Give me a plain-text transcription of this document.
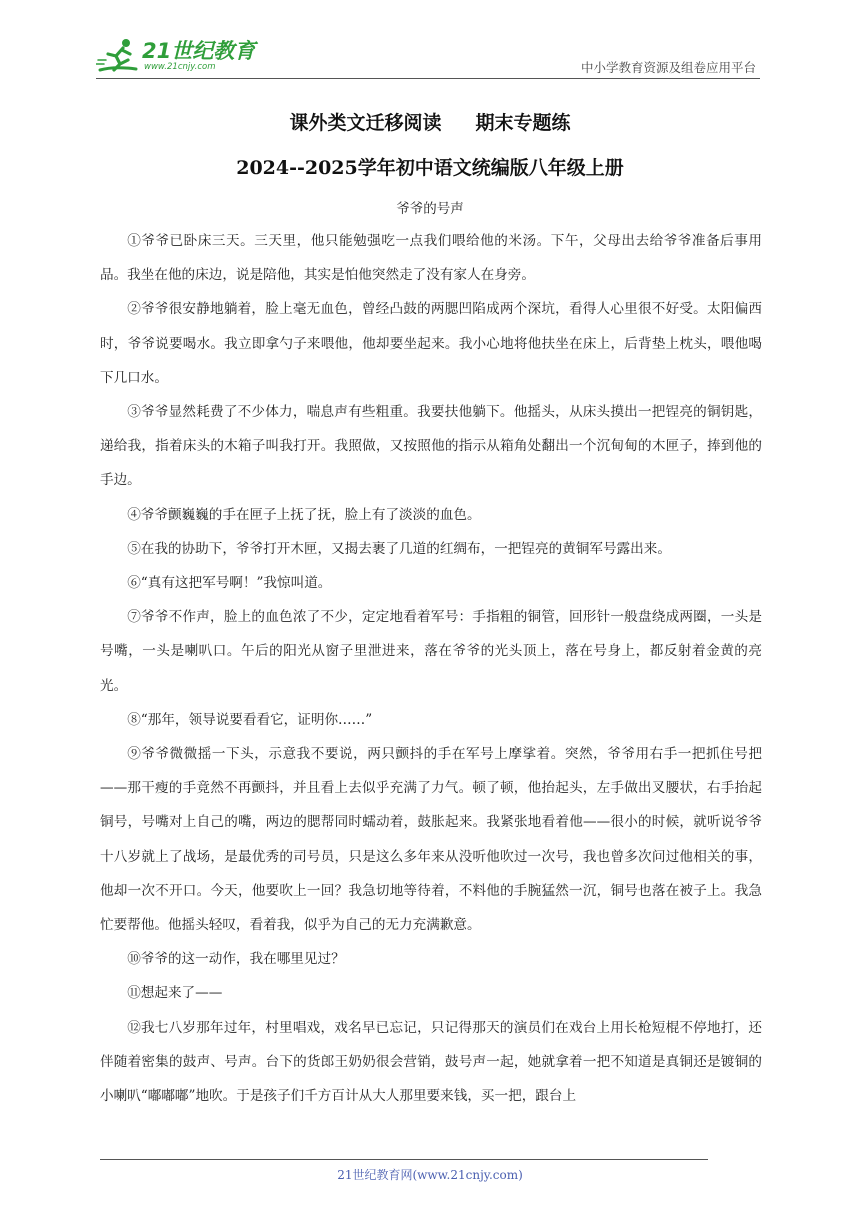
21世纪教育
www.21cnjy.com	中小学教育资源及组卷应用平台
课外类文迁移阅读 期末专题练
2024--2025学年初中语文统编版八年级上册
爷爷的号声

①爷爷已卧床三天。三天里，他只能勉强吃一点我们喂给他的米汤。下午，父母出去给爷爷准备后事用品。我坐在他的床边，说是陪他，其实是怕他突然走了没有家人在身旁。

②爷爷很安静地躺着，脸上毫无血色，曾经凸鼓的两腮凹陷成两个深坑，看得人心里很不好受。太阳偏西时，爷爷说要喝水。我立即拿勺子来喂他，他却要坐起来。我小心地将他扶坐在床上，后背垫上枕头，喂他喝下几口水。

③爷爷显然耗费了不少体力，喘息声有些粗重。我要扶他躺下。他摇头，从床头摸出一把锃亮的铜钥匙，递给我，指着床头的木箱子叫我打开。我照做，又按照他的指示从箱角处翻出一个沉甸甸的木匣子，捧到他的手边。

④爷爷颤巍巍的手在匣子上抚了抚，脸上有了淡淡的血色。

⑤在我的协助下，爷爷打开木匣，又揭去裹了几道的红绸布，一把锃亮的黄铜军号露出来。

⑥“真有这把军号啊！”我惊叫道。

⑦爷爷不作声，脸上的血色浓了不少，定定地看着军号：手指粗的铜管，回形针一般盘绕成两圈，一头是号嘴，一头是喇叭口。午后的阳光从窗子里泄进来，落在爷爷的光头顶上，落在号身上，都反射着金黄的亮光。

⑧“那年，领导说要看看它，证明你……”

⑨爷爷微微摇一下头，示意我不要说，两只颤抖的手在军号上摩挲着。突然，爷爷用右手一把抓住号把——那干瘦的手竟然不再颤抖，并且看上去似乎充满了力气。顿了顿，他抬起头，左手做出叉腰状，右手抬起铜号，号嘴对上自己的嘴，两边的腮帮同时蠕动着，鼓胀起来。我紧张地看着他——很小的时候，就听说爷爷十八岁就上了战场，是最优秀的司号员，只是这么多年来从没听他吹过一次号，我也曾多次问过他相关的事，他却一次不开口。今天，他要吹上一回？我急切地等待着，不料他的手腕猛然一沉，铜号也落在被子上。我急忙要帮他。他摇头轻叹，看着我，似乎为自己的无力充满歉意。

⑩爷爷的这一动作，我在哪里见过？

⑪想起来了——

⑫我七八岁那年过年，村里唱戏，戏名早已忘记，只记得那天的演员们在戏台上用长枪短棍不停地打，还伴随着密集的鼓声、号声。台下的货郎王奶奶很会营销，鼓号声一起，她就拿着一把不知道是真铜还是镀铜的小喇叭“嘟嘟嘟”地吹。于是孩子们千方百计从大人那里要来钱，买一把，跟台上

21世纪教育网(www.21cnjy.com)
